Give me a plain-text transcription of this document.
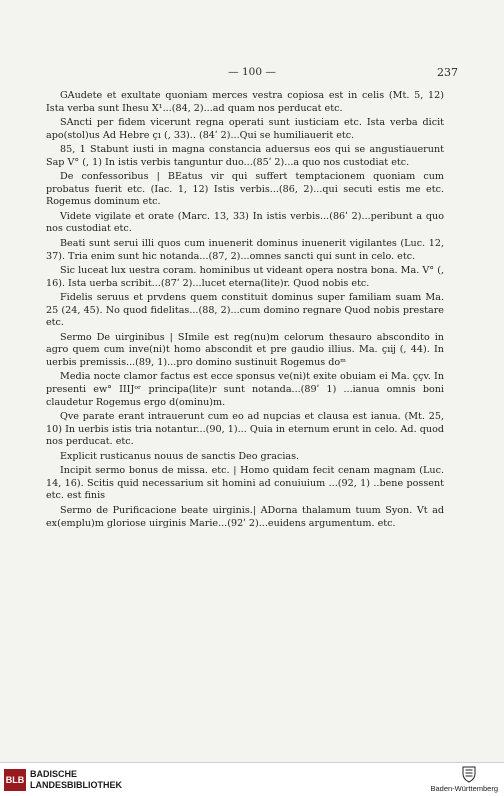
— 100 —	237

GAudete et exultate quoniam merces vestra copiosa est in celis (Mt. 5, 12) Ista verba sunt Ihesu X¹...(84, 2)...ad quam nos perducat etc.

SAncti per fidem vicerunt regna operati sunt iusticiam etc. Ista verba dicit apo(stol)us Ad Hebre çı (, 33).. (84ʹ 2)...Qui se humiliauerit etc.

85, 1 Stabunt iusti in magna constancia aduersus eos qui se angustiauerunt Sap V° (, 1) In istis verbis tanguntur duo...(85ʹ 2)...a quo nos custodiat etc.

De confessoribus | BEatus vir qui suffert temptacionem quoniam cum probatus fuerit etc. (Iac. 1, 12) Istis verbis...(86, 2)...qui secuti estis me etc. Rogemus dominum etc.

Videte vigilate et orate (Marc. 13, 33) In istis verbis...(86ʹ 2)...peribunt a quo nos custodiat etc.

Beati sunt serui illi quos cum inuenerit dominus inuenerit vigilantes (Luc. 12, 37). Tria enim sunt hic notanda...(87, 2)...omnes sancti qui sunt in celo. etc.

Sic luceat lux uestra coram. hominibus ut videant opera nostra bona. Ma. V° (, 16). Ista uerba scribit...(87ʹ 2)...lucet eterna(lite)r. Quod nobis etc.

Fidelis seruus et prvdens quem constituit dominus super familiam suam Ma. 25 (24, 45). No quod fidelitas...(88, 2)...cum domino regnare Quod nobis prestare etc.

Sermo De uirginibus | SImile est reg(nu)m celorum thesauro abscondito in agro quem cum inve(ni)t homo abscondit et pre gaudio illius. Ma. çıĳ (, 44). In uerbis premissis...(89, 1)...pro domino sustinuit Rogemus doᵐ

Media nocte clamor factus est ecce sponsus ve(ni)t exite obuiam ei Ma. ççv. In presenti ew° IIIJᵒʳ principa(lite)r sunt notanda...(89ʹ 1) ...ianua omnis boni claudetur Rogemus ergo d(ominu)m.

Qve parate erant intrauerunt cum eo ad nupcias et clausa est ianua. (Mt. 25, 10) In uerbis istis tria notantur...(90, 1)... Quia in eternum erunt in celo. Ad. quod nos perducat. etc.

Explicit rusticanus nouus de sanctis Deo gracias.

Incipit sermo bonus de missa. etc. | Homo quidam fecit cenam magnam (Luc. 14, 16). Scitis quid necessarium sit homini ad conuiuium ...(92, 1) ..bene possent etc. est finis

Sermo de Purificacione beate uirginis.| ADorna thalamum tuum Syon. Vt ad ex(emplu)m gloriose uirginis Marie...(92ʹ 2)...euidens argumentum. etc.

BLB
BADISCHE
LANDESBIBLIOTHEK	Baden-Württemberg
